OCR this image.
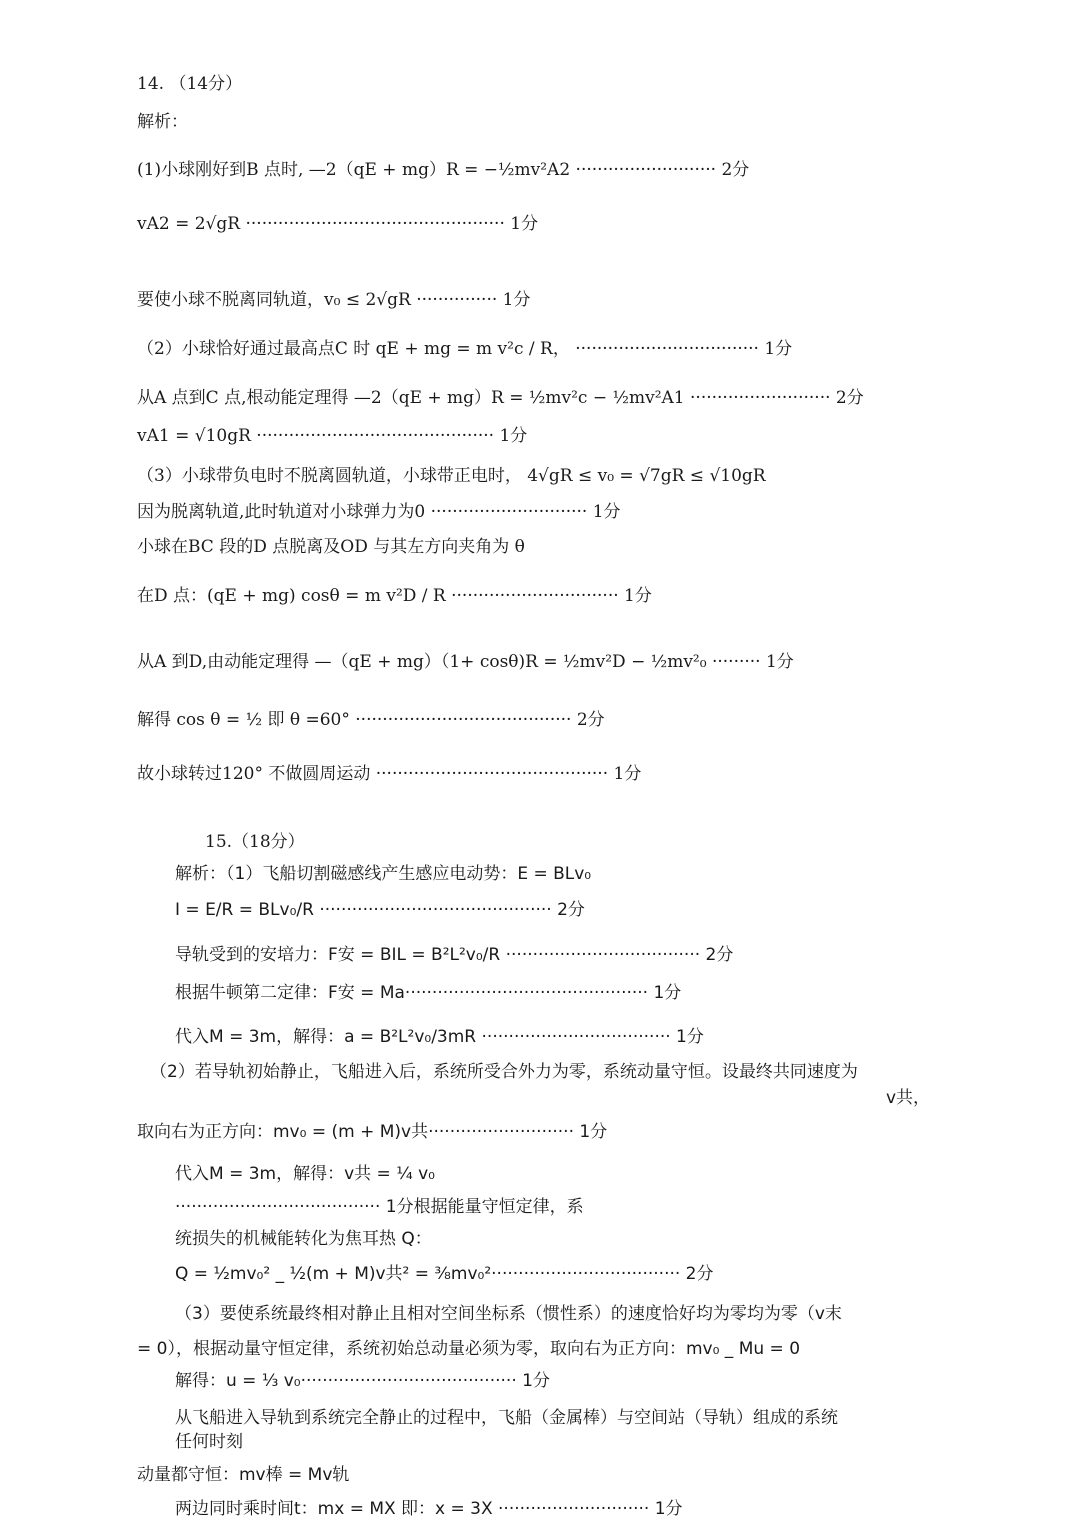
14. （14分）
解析：
(1)小球刚好到B 点时, —2（qE + mg）R = −½mv²A2 ·························· 2分
vA2 = 2√gR ················································ 1分
要使小球不脱离同轨道，v₀ ≤ 2√gR ··············· 1分
（2）小球恰好通过最高点C 时 qE + mg = m v²c / R， ·································· 1分
从A 点到C 点,根动能定理得 —2（qE + mg）R = ½mv²c − ½mv²A1 ·························· 2分
vA1 = √10gR ············································ 1分
（3）小球带负电时不脱离圆轨道，小球带正电时， 4√gR ≤ v₀ = √7gR ≤ √10gR
因为脱离轨道,此时轨道对小球弹力为0 ····························· 1分
小球在BC 段的D 点脱离及OD 与其左方向夹角为 θ
在D 点：(qE + mg) cosθ = m v²D / R ······························· 1分
从A 到D,由动能定理得 —（qE + mg）（1+ cosθ)R = ½mv²D − ½mv²₀ ········· 1分
解得 cos θ = ½ 即 θ =60° ········································ 2分
故小球转过120° 不做圆周运动 ··········································· 1分
15.（18分）
解析：（1）飞船切割磁感线产生感应电动势：E = BLv₀
I = E/R = BLv₀/R ··········································· 2分
导轨受到的安培力：F安 = BIL = B²L²v₀/R ···································· 2分
根据牛顿第二定律：F安 = Ma············································· 1分
代入M = 3m，解得：a = B²L²v₀/3mR ··································· 1分
（2）若导轨初始静止，飞船进入后，系统所受合外力为零，系统动量守恒。设最终共同速度为
v共，
取向右为正方向：mv₀ = (m + M)v共··························· 1分
代入M = 3m，解得：v共 = ¼ v₀
······································ 1分根据能量守恒定律，系
统损失的机械能转化为焦耳热 Q：
Q = ½mv₀² _ ½(m + M)v共² = ⅜mv₀²··································· 2分
（3）要使系统最终相对静止且相对空间坐标系（惯性系）的速度恰好均为零均为零（v末
= 0），根据动量守恒定律，系统初始总动量必须为零，取向右为正方向：mv₀ _ Mu = 0
解得：u = ⅓ v₀········································ 1分
从飞船进入导轨到系统完全静止的过程中，飞船（金属棒）与空间站（导轨）组成的系统
任何时刻
动量都守恒：mv棒 = Mv轨
两边同时乘时间t：mx = MX 即：x = 3X ···························· 1分
